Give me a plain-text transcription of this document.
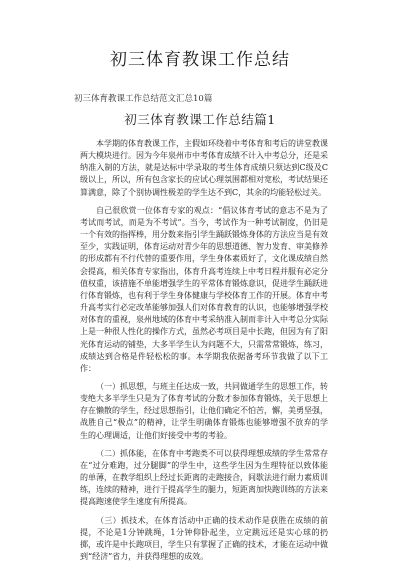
初三体育教课工作总结
初三体育教课工作总结范文汇总10篇
初三体育教课工作总结篇1

本学期的体育教课工作，主假如环绕着中考体育和考后的讲堂教课两大模块进行。因为今年泉州市中考体育成绩不计入中考总分，还是采纳准入制的方法，就是达标中学录取的考生体育成绩只须达到C级及C级以上，所以，所有包含家长的应试心理氛围都相对宽松，考试结果还算满意，除了个别协调性极差的学生达不到C，其余的均能轻松过关。

自己很欣赏一位体育专家的观点：“倡议体育考试的意志不是为了考试而考试，而是为不考试”。当今，考试作为一种考试制度，仍旧是一个有效的指挥棒，用分数来指引学生踊跃锻炼身体的方法应当是有效至少，实践证明，体育运动对青少年的思想道德、智力发育、审美修养的形成都有不行代替的重要作用，学生身体素质好了，文化课成绩自然会提高，相关体育专家指出，体育升高考连续上中考日程并服有必定分值权重，该措施不单能增强学生的平常体育锻炼意识，促进学生踊跃进行体育锻炼，也有利于学生身体健康与学校体育工作的开展。体育中考升高考实行必定改革能够加强人们对体育教育的认识，也能够增强学校对体育的重视，泉州地域的体育中考采纳准入制而非计入中考总分实际上是一种很人性化的操作方式，虽然必考项目是中长跑，但因为有了阳光体育运动的铺垫，大多半学生认为问题不大，只需常常锻炼，练习，成绩达到合格是件轻松松的事。本学期我依据备考环节我做了以下工作：

（一）抓思想，与班主任达成一致，共同做通学生的思想工作，转变绝大多半学生只是为了体育考试的分数才参加体育锻炼，关于思想上存在懒散的学生，经过思想指引，让他们确定不怕苦，懈，美勇坚强，战胜自己“极点”的精神，让学生明确体育锻炼也能够增强不放弃的学生的心理调适，让他们好接受中考的考验。

（二）抓体能，在体育中考跑类不可以获得理想成绩的学生常常存在“过分难跑，过分腿脚”的学生中，这些学生因为生理特征以致体能的单薄，在教学组织上经过长距离的走跑接合，间歇法进行耐力素质训练，连续的精神，进行于提高学生的腿力，短距离加快跑训练的方法来提高跑速使学生速度有所提高。

（三）抓技术，在体育活动中正确的技术动作是获胜在成绩的前提，不论是1分钟跳绳，1分钟仰卧起坐，立定跳远还是实心球的扔掷，或许是中长跑项目，学生只有掌握了正确的技术，才能在运动中做到“经济”省力，并获得理想的成效。
